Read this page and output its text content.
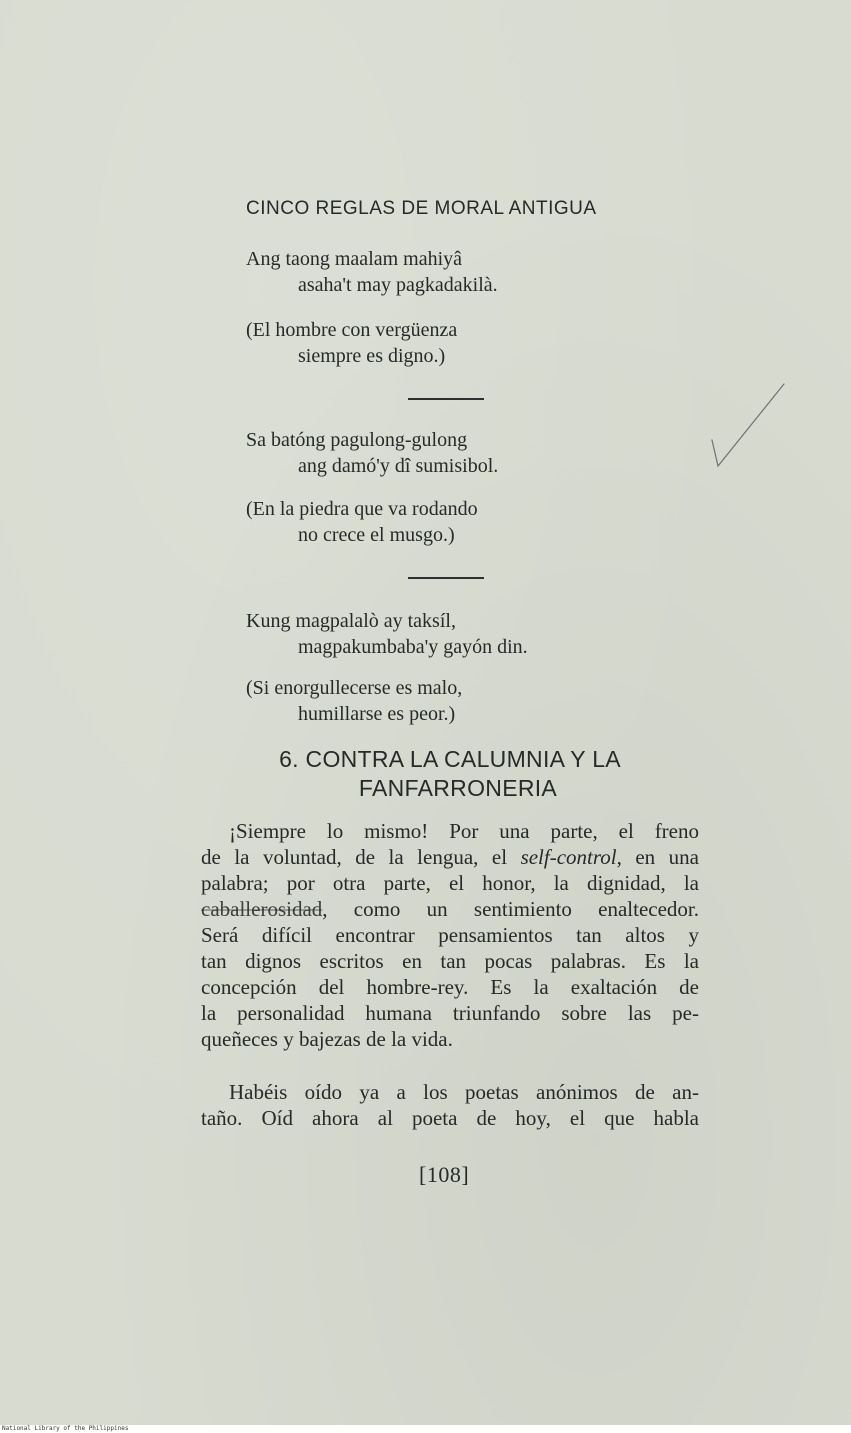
CINCO REGLAS DE MORAL ANTIGUA
Ang taong maalam mahiyâ
asaha't may pagkadakilà.
(El hombre con vergüenza
siempre es digno.)
Sa batóng pagulong-gulong
ang damó'y dî sumisibol.
(En la piedra que va rodando
no crece el musgo.)
Kung magpalalò ay taksíl,
magpakumbaba'y gayón din.
(Si enorgullecerse es malo,
humillarse es peor.)
6. CONTRA LA CALUMNIA Y LA
FANFARRONERIA
¡Siempre lo mismo! Por una parte, el freno
de la voluntad, de la lengua, el self-control, en una
palabra; por otra parte, el honor, la dignidad, la
caballerosidad, como un sentimiento enaltecedor.
Será difícil encontrar pensamientos tan altos y
tan dignos escritos en tan pocas palabras. Es la
concepción del hombre-rey. Es la exaltación de
la personalidad humana triunfando sobre las pe-
queñeces y bajezas de la vida.
Habéis oído ya a los poetas anónimos de an-
taño. Oíd ahora al poeta de hoy, el que habla
[108]
National Library of the Philippines
